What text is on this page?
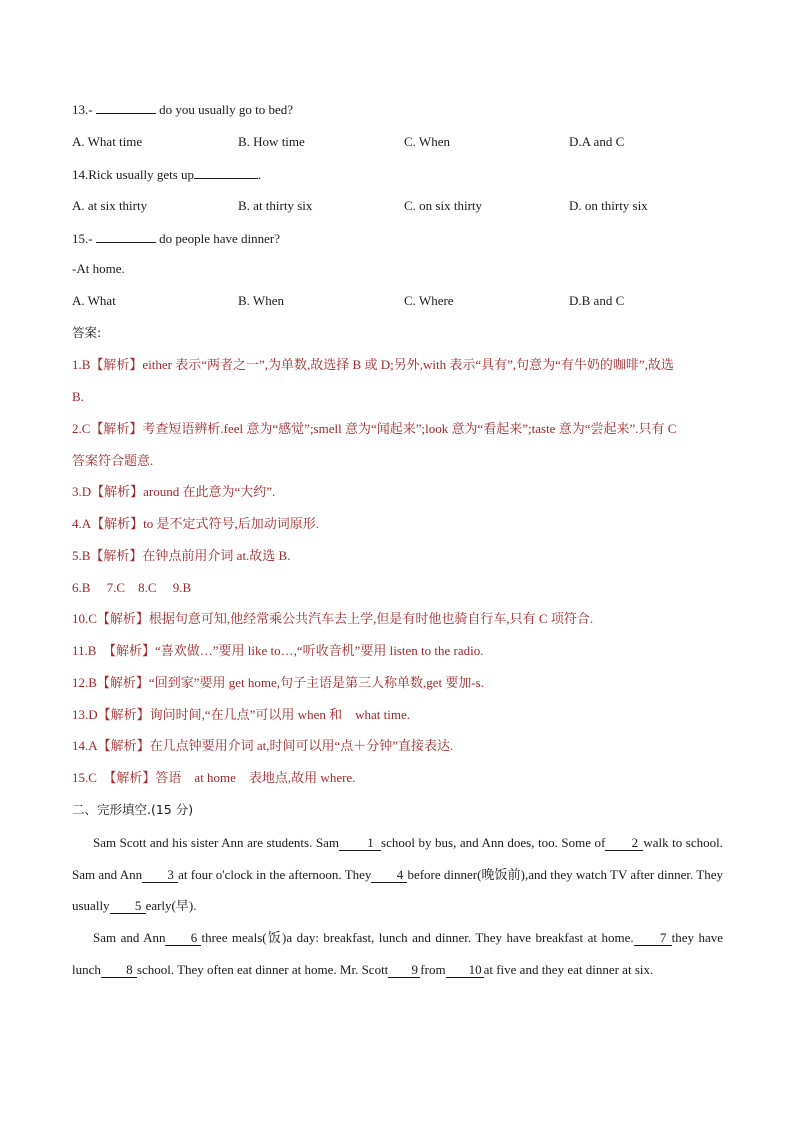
13.-	do you usually go to bed?
A. What time	B. How time	C. When	D.A and C
14.Rick usually gets up	.
A. at six thirty	B. at thirty six	C. on six thirty	D. on thirty six
15.-	do people have dinner?
-At home.
A. What	B. When	C. Where	D.B and C
答案:
1.B【解析】either 表示“两者之一”,为单数,故选择 B 或 D;另外,with 表示“具有”,句意为“有牛奶的咖啡”,故选
B.
2.C【解析】考查短语辨析.feel 意为“感觉”;smell 意为“闻起来”;look 意为“看起来”;taste 意为“尝起来”.只有 C
答案符合题意.
3.D【解析】around 在此意为“大约”.
4.A【解析】to 是不定式符号,后加动词原形.
5.B【解析】在钟点前用介词 at.故选 B.
6.B　 7.C　8.C　 9.B
10.C【解析】根据句意可知,他经常乘公共汽车去上学,但是有时他也骑自行车,只有 C 项符合.
11.B　【解析】“喜欢做…”要用 like to…,“听收音机”要用 listen to the radio.
12.B【解析】“回到家”要用 get home,句子主语是第三人称单数,get 要加-s.
13.D【解析】询问时间,“在几点”可以用 when 和　what time.
14.A【解析】在几点钟要用介词 at,时间可以用“点＋分钟”直接表达.
15.C　【解析】答语　at home　表地点,故用 where.
二、完形填空.(15 分)
Sam Scott and his sister Ann are students. Sam 1 school by bus, and Ann does, too. Some of 2 walk to school. Sam and Ann 3 at four o'clock in the afternoon. They 4 before dinner(晚饭前),and they watch TV after dinner. They usually 5 early(早).
Sam and Ann 6 three meals(饭)a day: breakfast, lunch and dinner. They have breakfast at home. 7 they have lunch 8 school. They often eat dinner at home. Mr. Scott 9 from 10 at five and they eat dinner at six.
